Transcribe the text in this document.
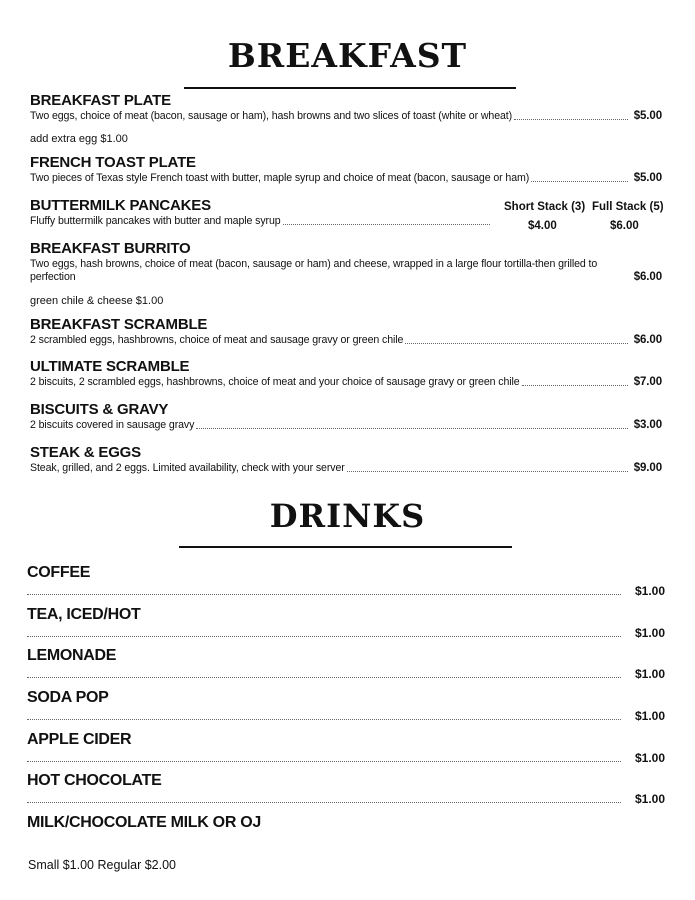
BREAKFAST
BREAKFAST PLATE
Two eggs, choice of meat (bacon, sausage or ham), hash browns and two slices of toast (white or wheat)	$5.00
add extra egg $1.00
FRENCH TOAST PLATE
Two pieces of Texas style French toast with butter, maple syrup and choice of meat (bacon, sausage or ham)	$5.00
BUTTERMILK PANCAKES
Fluffy buttermilk pancakes with butter and maple syrup
Short Stack (3) Full Stack (5)
$4.00	$6.00
BREAKFAST BURRITO
Two eggs, hash browns, choice of meat (bacon, sausage or ham) and cheese, wrapped in a large flour tortilla-then grilled to perfection	$6.00
green chile & cheese $1.00
BREAKFAST SCRAMBLE
2 scrambled eggs, hashbrowns, choice of meat and sausage gravy or green chile	$6.00
ULTIMATE SCRAMBLE
2 biscuits, 2 scrambled eggs, hashbrowns, choice of meat and your choice of sausage gravy or green chile	$7.00
BISCUITS & GRAVY
2 biscuits covered in sausage gravy	$3.00
STEAK & EGGS
Steak, grilled, and 2 eggs. Limited availability, check with your server	$9.00
DRINKS
COFFEE
$1.00
TEA, ICED/HOT
$1.00
LEMONADE
$1.00
SODA POP
$1.00
APPLE CIDER
$1.00
HOT CHOCOLATE
$1.00
MILK/CHOCOLATE MILK OR OJ
Small $1.00 Regular $2.00
